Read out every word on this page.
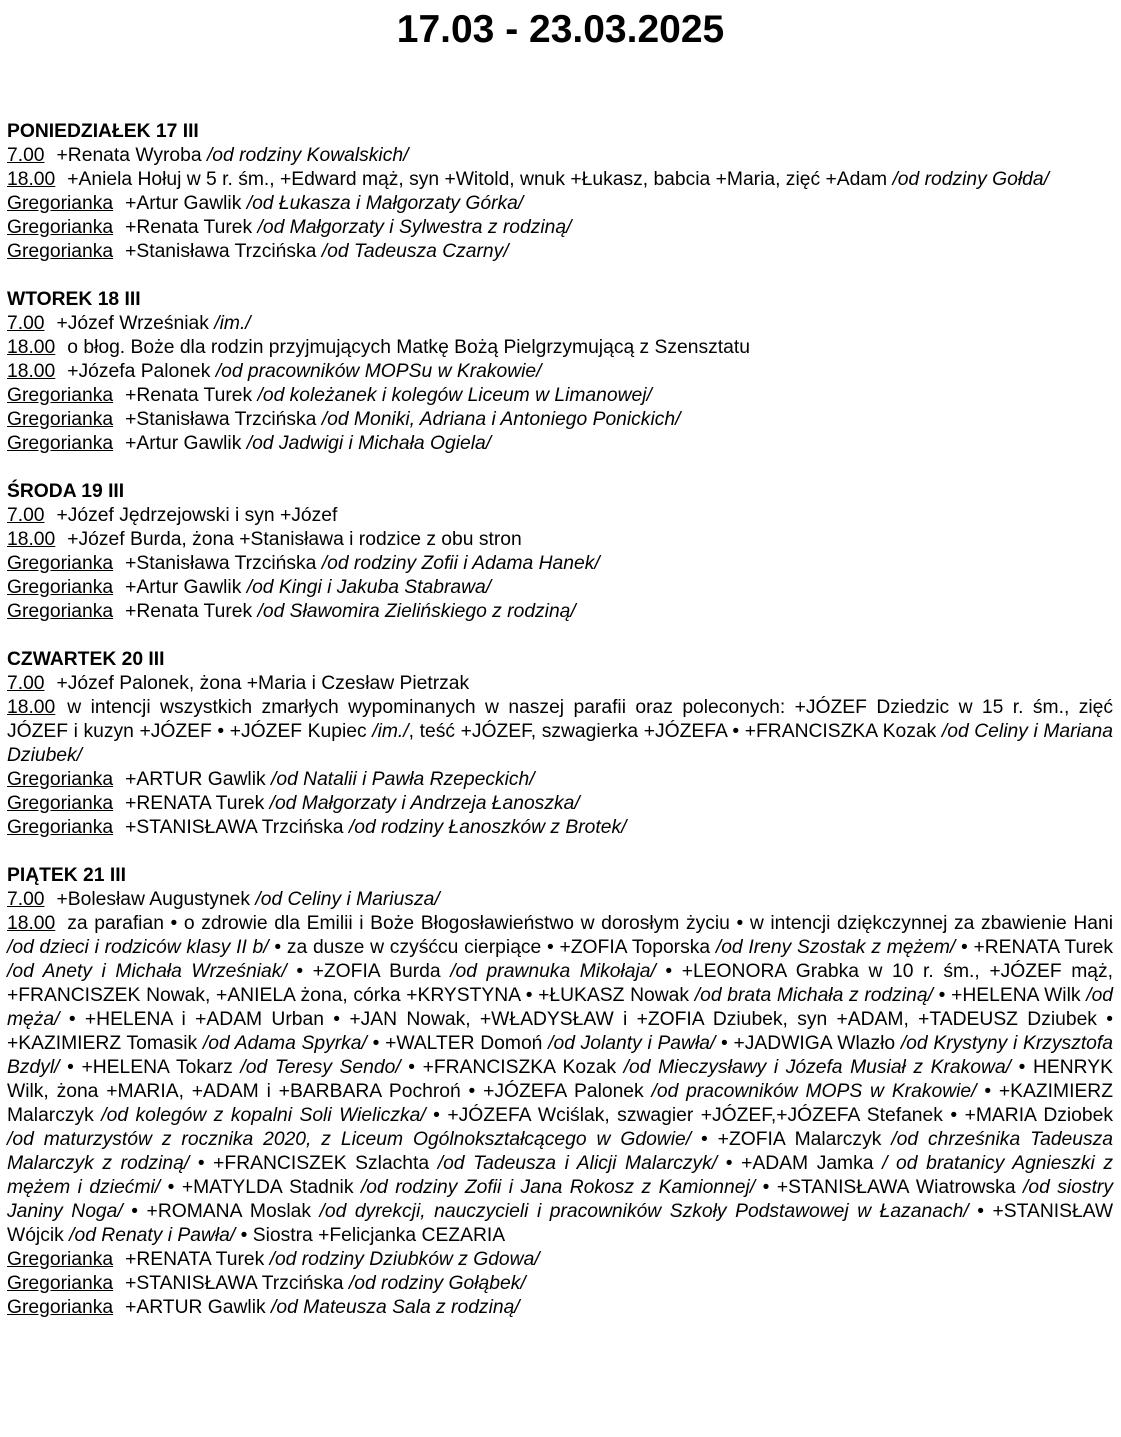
17.03 - 23.03.2025
PONIEDZIAŁEK 17 III
7.00 +Renata Wyroba /od rodziny Kowalskich/
18.00 +Aniela Hołuj w 5 r. śm., +Edward mąż, syn +Witold, wnuk +Łukasz, babcia +Maria, zięć +Adam /od rodziny Gołda/
Gregorianka +Artur Gawlik /od Łukasza i Małgorzaty Górka/
Gregorianka +Renata Turek /od Małgorzaty i Sylwestra z rodziną/
Gregorianka +Stanisława Trzcińska /od Tadeusza Czarny/
WTOREK 18 III
7.00 +Józef Wrześniak /im./
18.00 o błog. Boże dla rodzin przyjmujących Matkę Bożą Pielgrzymującą z Szensztatu
18.00 +Józefa Palonek /od pracowników MOPSu w Krakowie/
Gregorianka +Renata Turek /od koleżanek i kolegów Liceum w Limanowej/
Gregorianka +Stanisława Trzcińska /od Moniki, Adriana i Antoniego Ponickich/
Gregorianka +Artur Gawlik /od Jadwigi i Michała Ogiela/
ŚRODA 19 III
7.00 +Józef Jędrzejowski i syn +Józef
18.00 +Józef Burda, żona +Stanisława i rodzice z obu stron
Gregorianka +Stanisława Trzcińska /od rodziny Zofii i Adama Hanek/
Gregorianka +Artur Gawlik /od Kingi i Jakuba Stabrawa/
Gregorianka +Renata Turek /od Sławomira Zielińskiego z rodziną/
CZWARTEK 20 III
7.00 +Józef Palonek, żona +Maria i Czesław Pietrzak
18.00 w intencji wszystkich zmarłych wypominanych w naszej parafii oraz poleconych: +JÓZEF Dziedzic w 15 r. śm., zięć JÓZEF i kuzyn +JÓZEF • +JÓZEF Kupiec /im./, teść +JÓZEF, szwagierka +JÓZEFA • +FRANCISZKA Kozak /od Celiny i Mariana Dziubek/
Gregorianka +ARTUR Gawlik /od Natalii i Pawła Rzepeckich/
Gregorianka +RENATA Turek /od Małgorzaty i Andrzeja Łanoszka/
Gregorianka +STANISŁAWA Trzcińska /od rodziny Łanoszków z Brotek/
PIĄTEK 21 III
7.00 +Bolesław Augustynek /od Celiny i Mariusza/
18.00 za parafian • o zdrowie dla Emilii i Boże Błogosławieństwo w dorosłym życiu • w intencji dziękczynnej za zbawienie Hani /od dzieci i rodziców klasy II b/ • za dusze w czyśćcu cierpiące • +ZOFIA Toporska /od Ireny Szostak z mężem/ • +RENATA Turek /od Anety i Michała Wrześniak/ • +ZOFIA Burda /od prawnuka Mikołaja/ • +LEONORA Grabka w 10 r. śm., +JÓZEF mąż, +FRANCISZEK Nowak, +ANIELA żona, córka +KRYSTYNA • +ŁUKASZ Nowak /od brata Michała z rodziną/ • +HELENA Wilk /od męża/ • +HELENA i +ADAM Urban • +JAN Nowak, +WŁADYSŁAW i +ZOFIA Dziubek, syn +ADAM, +TADEUSZ Dziubek • +KAZIMIERZ Tomasik /od Adama Spyrka/ • +WALTER Domoń /od Jolanty i Pawła/ • +JADWIGA Wlazło /od Krystyny i Krzysztofa Bzdyl/ • +HELENA Tokarz /od Teresy Sendo/ • +FRANCISZKA Kozak /od Mieczysławy i Józefa Musiał z Krakowa/ • HENRYK Wilk, żona +MARIA, +ADAM i +BARBARA Pochroń • +JÓZEFA Palonek /od pracowników MOPS w Krakowie/ • +KAZIMIERZ Malarczyk /od kolegów z kopalni Soli Wieliczka/ • +JÓZEFA Wciślak, szwagier +JÓZEF,+JÓZEFA Stefanek • +MARIA Dziobek /od maturzystów z rocznika 2020, z Liceum Ogólnokształcącego w Gdowie/ • +ZOFIA Malarczyk /od chrześnika Tadeusza Malarczyk z rodziną/ • +FRANCISZEK Szlachta /od Tadeusza i Alicji Malarczyk/ • +ADAM Jamka / od bratanicy Agnieszki z mężem i dziećmi/ • +MATYLDA Stadnik /od rodziny Zofii i Jana Rokosz z Kamionnej/ • +STANISŁAWA Wiatrowska /od siostry Janiny Noga/ • +ROMANA Moslak /od dyrekcji, nauczycieli i pracowników Szkoły Podstawowej w Łazanach/ • +STANISŁAW Wójcik /od Renaty i Pawła/ • Siostra +Felicjanka CEZARIA
Gregorianka +RENATA Turek /od rodziny Dziubków z Gdowa/
Gregorianka +STANISŁAWA Trzcińska /od rodziny Gołąbek/
Gregorianka +ARTUR Gawlik /od Mateusza Sala z rodziną/
